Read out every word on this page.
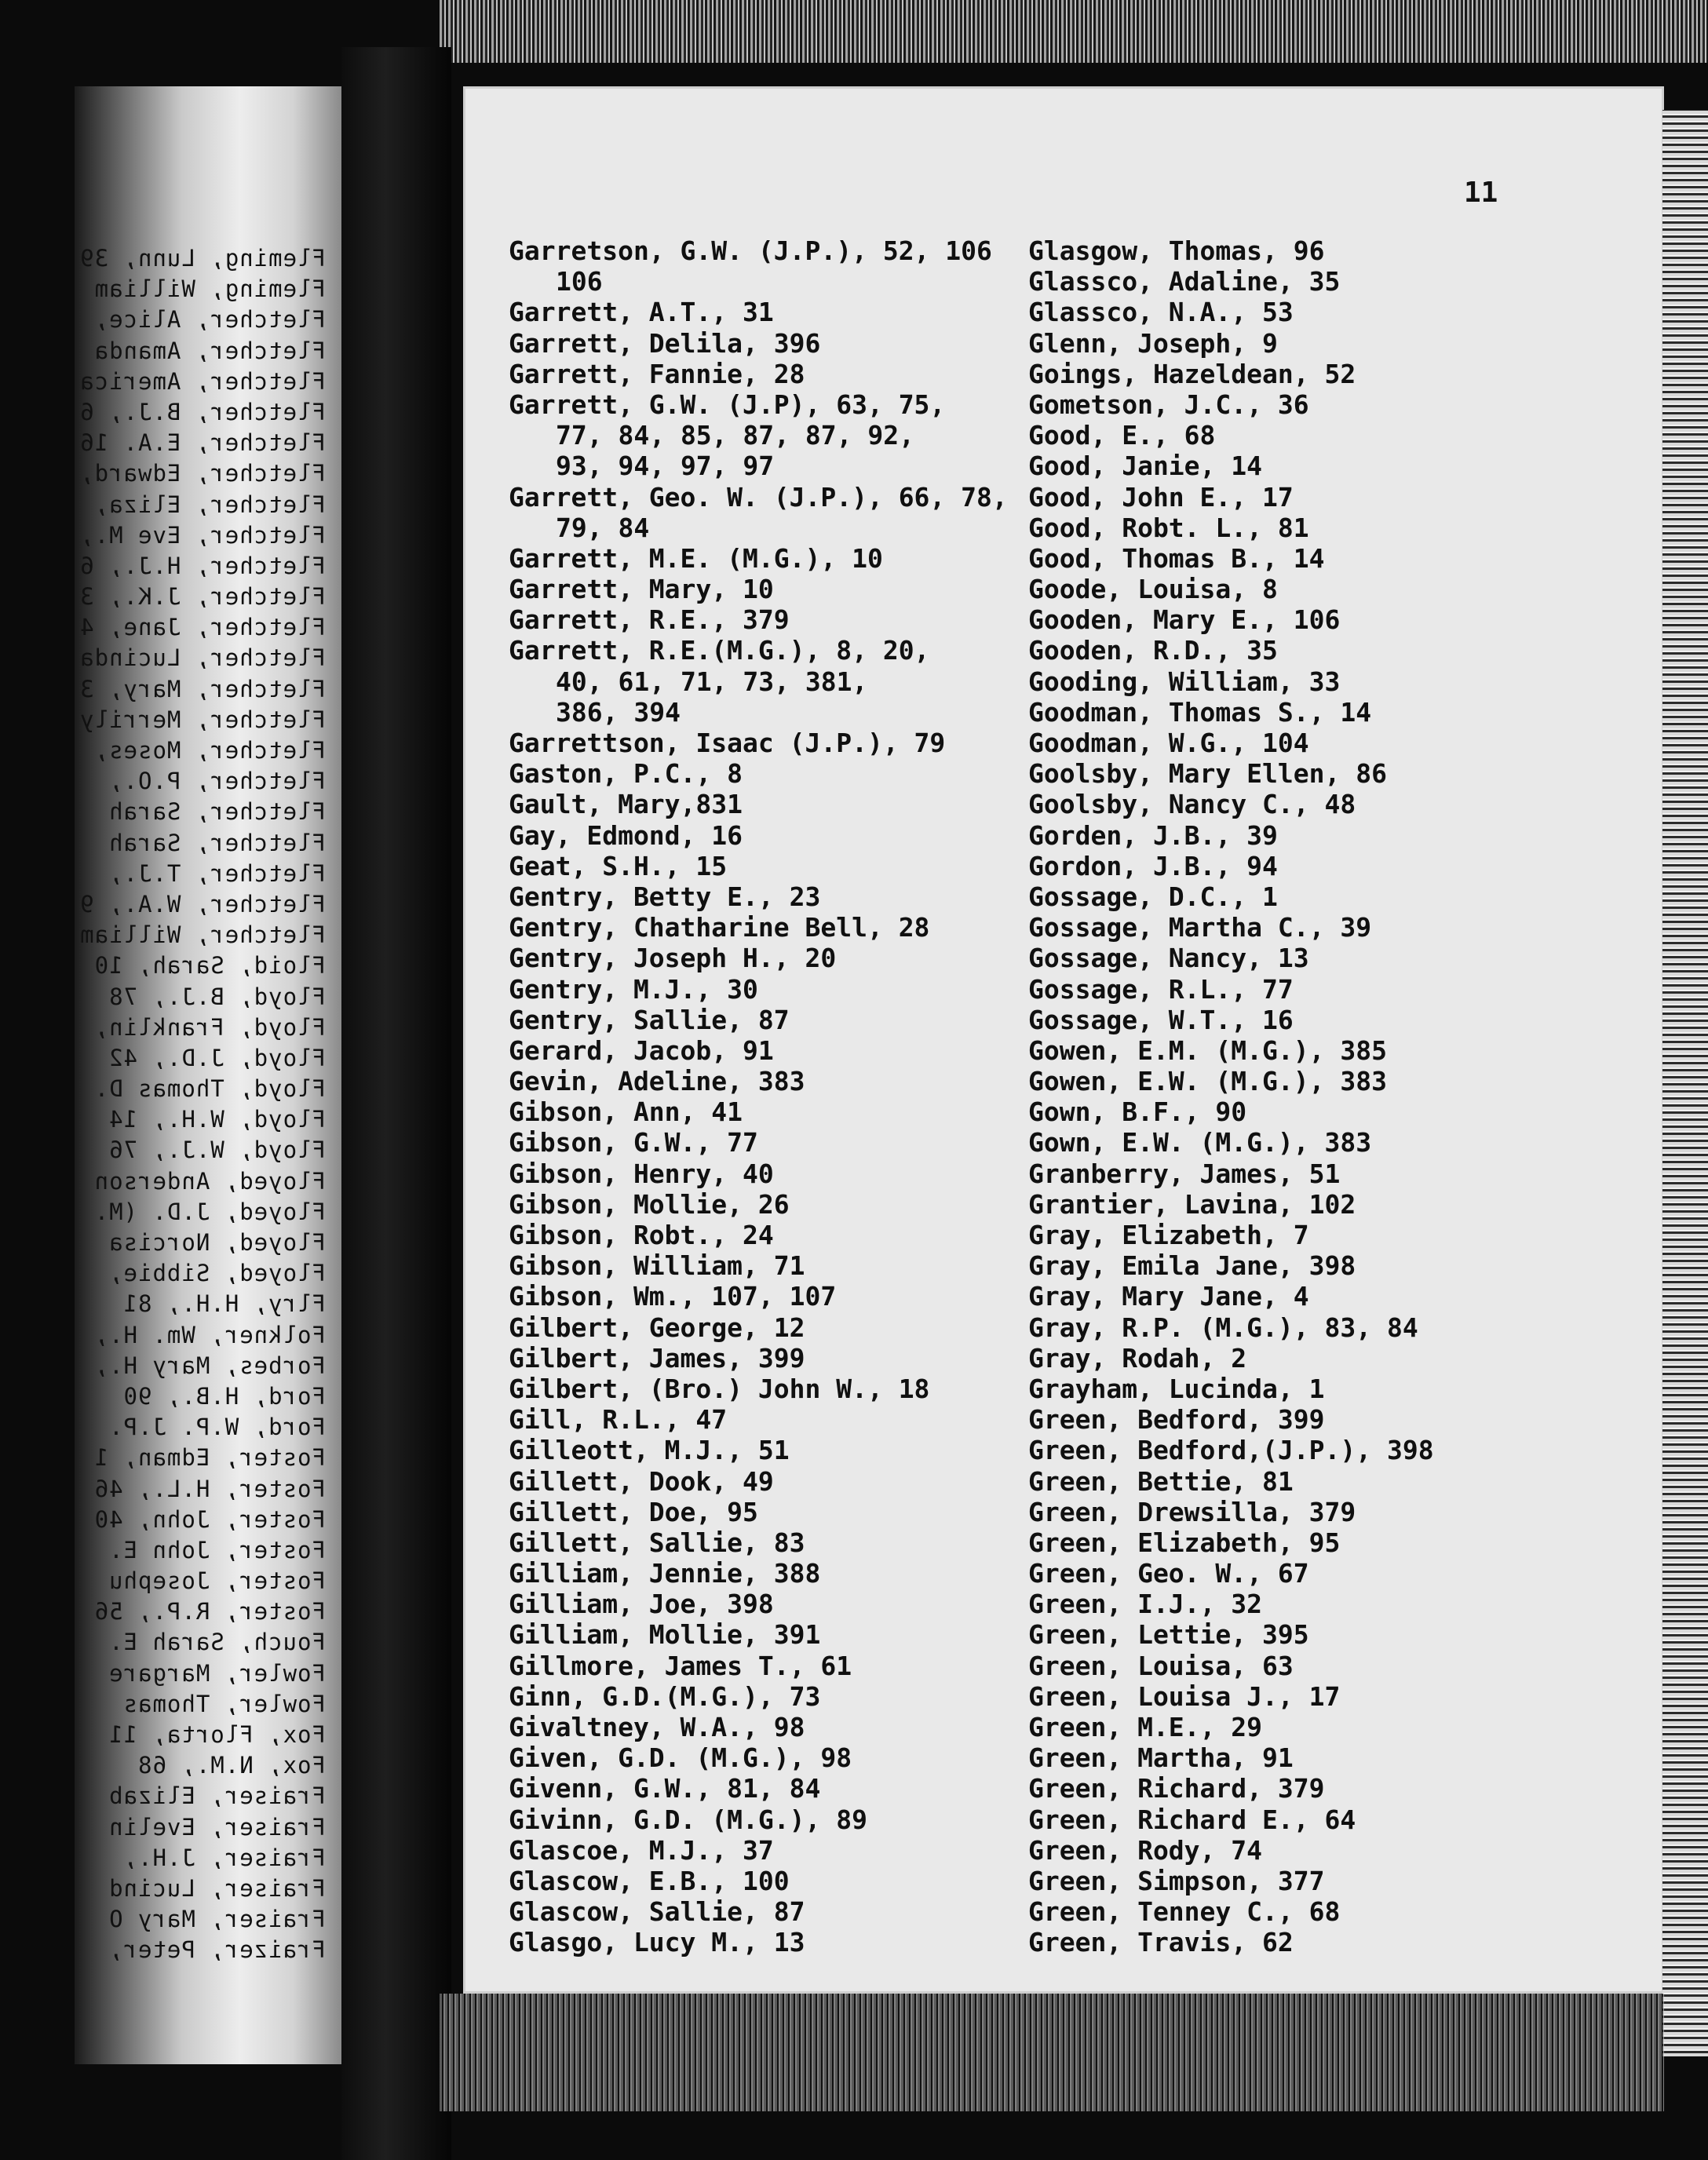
Fleming, Lunn, 39
Fleming, William
Fletcher, Alice,
Fletcher, Amanda
Fletcher, America
Fletcher, B.J., 6
Fletcher, E.A. 16
Fletcher, Edward,
Fletcher, Eliza,
Fletcher, Eve M.,
Fletcher, H.J., 6
Fletcher, J.K., 3
Fletcher, Jane, 4
Fletcher, Lucinda
Fletcher, Mary, 3
Fletcher, Merrily
Fletcher, Moses,
Fletcher, P.O.,
Fletcher, Sarah
Fletcher, Sarah
Fletcher, T.J.,
Fletcher, W.A., 9
Fletcher, William
Floid, Sarah, 10
Floyd, B.J., 78
Floyd, Franklin,
Floyd, J.D., 42
Floyd, Thomas D.
Floyd, W.H., 14
Floyd, W.J., 76
Floyed, Anderson
Floyed, J.D. (M.
Floyed, Norcisa
Floyed, Sibbie,
Flry, H.H., 81
Folkner, Wm. H.,
Forbes, Mary H.,
Ford, H.B., 90
Ford, W.P. J.P.
Foster, Edman, 1
Foster, H.L., 46
Foster, John, 40
Foster, John E.
Foster, Josephu
Foster, R.P., 56
Fouch, Sarah E.
Fowler, Margare
Fowler, Thomas
Fox, Florta, 11
Fox, N.M., 68
Fraiser, Elizab
Fraiser, Evelin
Fraiser, J.H.,
Fraiser, Lucind
Fraiser, Mary O
Fraizer, Peter,
11
Garretson, G.W. (J.P.), 52, 106
106
Garrett, A.T., 31
Garrett, Delila, 396
Garrett, Fannie, 28
Garrett, G.W. (J.P), 63, 75,
77, 84, 85, 87, 87, 92,
93, 94, 97, 97
Garrett, Geo. W. (J.P.), 66, 78,
79, 84
Garrett, M.E. (M.G.), 10
Garrett, Mary, 10
Garrett, R.E., 379
Garrett, R.E.(M.G.), 8, 20,
40, 61, 71, 73, 381,
386, 394
Garrettson, Isaac (J.P.), 79
Gaston, P.C., 8
Gault, Mary,831
Gay, Edmond, 16
Geat, S.H., 15
Gentry, Betty E., 23
Gentry, Chatharine Bell, 28
Gentry, Joseph H., 20
Gentry, M.J., 30
Gentry, Sallie, 87
Gerard, Jacob, 91
Gevin, Adeline, 383
Gibson, Ann, 41
Gibson, G.W., 77
Gibson, Henry, 40
Gibson, Mollie, 26
Gibson, Robt., 24
Gibson, William, 71
Gibson, Wm., 107, 107
Gilbert, George, 12
Gilbert, James, 399
Gilbert, (Bro.) John W., 18
Gill, R.L., 47
Gilleott, M.J., 51
Gillett, Dook, 49
Gillett, Doe, 95
Gillett, Sallie, 83
Gilliam, Jennie, 388
Gilliam, Joe, 398
Gilliam, Mollie, 391
Gillmore, James T., 61
Ginn, G.D.(M.G.), 73
Givaltney, W.A., 98
Given, G.D. (M.G.), 98
Givenn, G.W., 81, 84
Givinn, G.D. (M.G.), 89
Glascoe, M.J., 37
Glascow, E.B., 100
Glascow, Sallie, 87
Glasgo, Lucy M., 13
Glasgow, Thomas, 96
Glassco, Adaline, 35
Glassco, N.A., 53
Glenn, Joseph, 9
Goings, Hazeldean, 52
Gometson, J.C., 36
Good, E., 68
Good, Janie, 14
Good, John E., 17
Good, Robt. L., 81
Good, Thomas B., 14
Goode, Louisa, 8
Gooden, Mary E., 106
Gooden, R.D., 35
Gooding, William, 33
Goodman, Thomas S., 14
Goodman, W.G., 104
Goolsby, Mary Ellen, 86
Goolsby, Nancy C., 48
Gorden, J.B., 39
Gordon, J.B., 94
Gossage, D.C., 1
Gossage, Martha C., 39
Gossage, Nancy, 13
Gossage, R.L., 77
Gossage, W.T., 16
Gowen, E.M. (M.G.), 385
Gowen, E.W. (M.G.), 383
Gown, B.F., 90
Gown, E.W. (M.G.), 383
Granberry, James, 51
Grantier, Lavina, 102
Gray, Elizabeth, 7
Gray, Emila Jane, 398
Gray, Mary Jane, 4
Gray, R.P. (M.G.), 83, 84
Gray, Rodah, 2
Grayham, Lucinda, 1
Green, Bedford, 399
Green, Bedford,(J.P.), 398
Green, Bettie, 81
Green, Drewsilla, 379
Green, Elizabeth, 95
Green, Geo. W., 67
Green, I.J., 32
Green, Lettie, 395
Green, Louisa, 63
Green, Louisa J., 17
Green, M.E., 29
Green, Martha, 91
Green, Richard, 379
Green, Richard E., 64
Green, Rody, 74
Green, Simpson, 377
Green, Tenney C., 68
Green, Travis, 62
